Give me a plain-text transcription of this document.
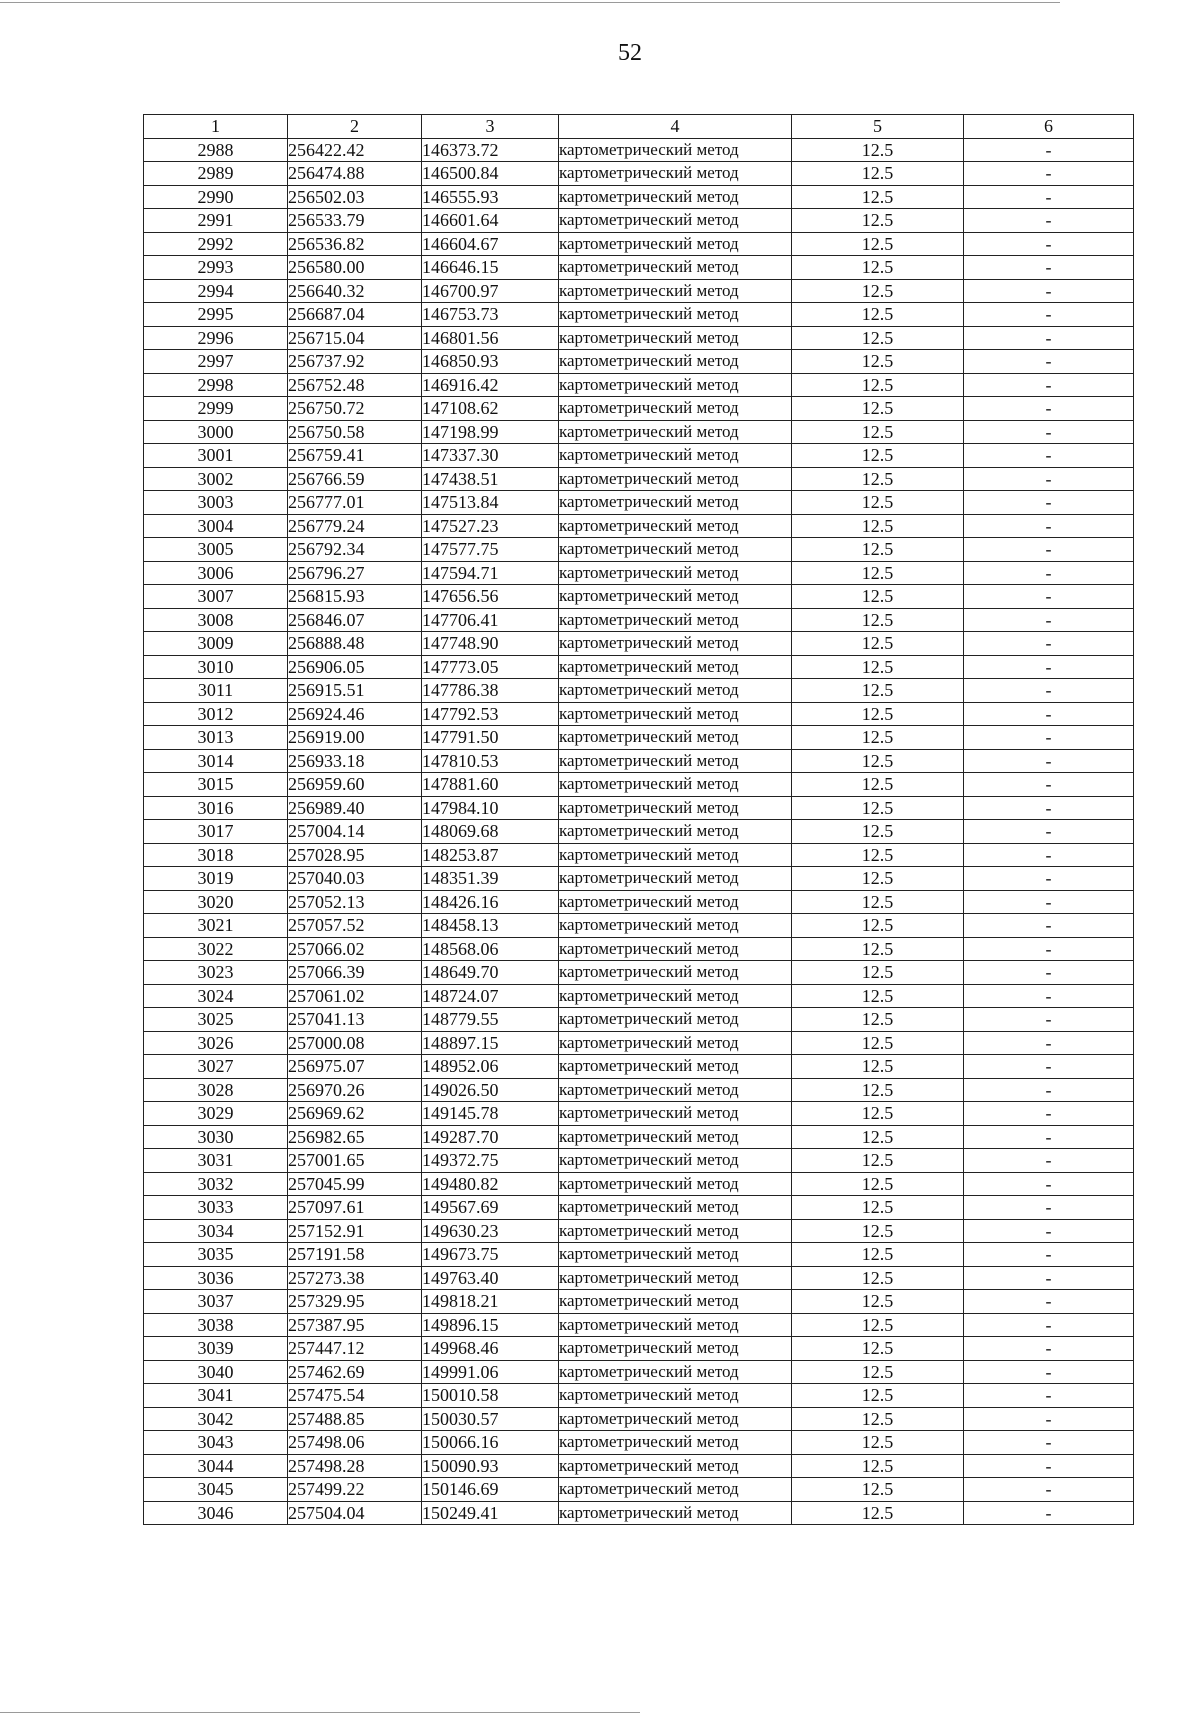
52
1	2	3	4	5	6
2988	256422.42	146373.72	картометрический метод	12.5	-
2989	256474.88	146500.84	картометрический метод	12.5	-
2990	256502.03	146555.93	картометрический метод	12.5	-
2991	256533.79	146601.64	картометрический метод	12.5	-
2992	256536.82	146604.67	картометрический метод	12.5	-
2993	256580.00	146646.15	картометрический метод	12.5	-
2994	256640.32	146700.97	картометрический метод	12.5	-
2995	256687.04	146753.73	картометрический метод	12.5	-
2996	256715.04	146801.56	картометрический метод	12.5	-
2997	256737.92	146850.93	картометрический метод	12.5	-
2998	256752.48	146916.42	картометрический метод	12.5	-
2999	256750.72	147108.62	картометрический метод	12.5	-
3000	256750.58	147198.99	картометрический метод	12.5	-
3001	256759.41	147337.30	картометрический метод	12.5	-
3002	256766.59	147438.51	картометрический метод	12.5	-
3003	256777.01	147513.84	картометрический метод	12.5	-
3004	256779.24	147527.23	картометрический метод	12.5	-
3005	256792.34	147577.75	картометрический метод	12.5	-
3006	256796.27	147594.71	картометрический метод	12.5	-
3007	256815.93	147656.56	картометрический метод	12.5	-
3008	256846.07	147706.41	картометрический метод	12.5	-
3009	256888.48	147748.90	картометрический метод	12.5	-
3010	256906.05	147773.05	картометрический метод	12.5	-
3011	256915.51	147786.38	картометрический метод	12.5	-
3012	256924.46	147792.53	картометрический метод	12.5	-
3013	256919.00	147791.50	картометрический метод	12.5	-
3014	256933.18	147810.53	картометрический метод	12.5	-
3015	256959.60	147881.60	картометрический метод	12.5	-
3016	256989.40	147984.10	картометрический метод	12.5	-
3017	257004.14	148069.68	картометрический метод	12.5	-
3018	257028.95	148253.87	картометрический метод	12.5	-
3019	257040.03	148351.39	картометрический метод	12.5	-
3020	257052.13	148426.16	картометрический метод	12.5	-
3021	257057.52	148458.13	картометрический метод	12.5	-
3022	257066.02	148568.06	картометрический метод	12.5	-
3023	257066.39	148649.70	картометрический метод	12.5	-
3024	257061.02	148724.07	картометрический метод	12.5	-
3025	257041.13	148779.55	картометрический метод	12.5	-
3026	257000.08	148897.15	картометрический метод	12.5	-
3027	256975.07	148952.06	картометрический метод	12.5	-
3028	256970.26	149026.50	картометрический метод	12.5	-
3029	256969.62	149145.78	картометрический метод	12.5	-
3030	256982.65	149287.70	картометрический метод	12.5	-
3031	257001.65	149372.75	картометрический метод	12.5	-
3032	257045.99	149480.82	картометрический метод	12.5	-
3033	257097.61	149567.69	картометрический метод	12.5	-
3034	257152.91	149630.23	картометрический метод	12.5	-
3035	257191.58	149673.75	картометрический метод	12.5	-
3036	257273.38	149763.40	картометрический метод	12.5	-
3037	257329.95	149818.21	картометрический метод	12.5	-
3038	257387.95	149896.15	картометрический метод	12.5	-
3039	257447.12	149968.46	картометрический метод	12.5	-
3040	257462.69	149991.06	картометрический метод	12.5	-
3041	257475.54	150010.58	картометрический метод	12.5	-
3042	257488.85	150030.57	картометрический метод	12.5	-
3043	257498.06	150066.16	картометрический метод	12.5	-
3044	257498.28	150090.93	картометрический метод	12.5	-
3045	257499.22	150146.69	картометрический метод	12.5	-
3046	257504.04	150249.41	картометрический метод	12.5	-
